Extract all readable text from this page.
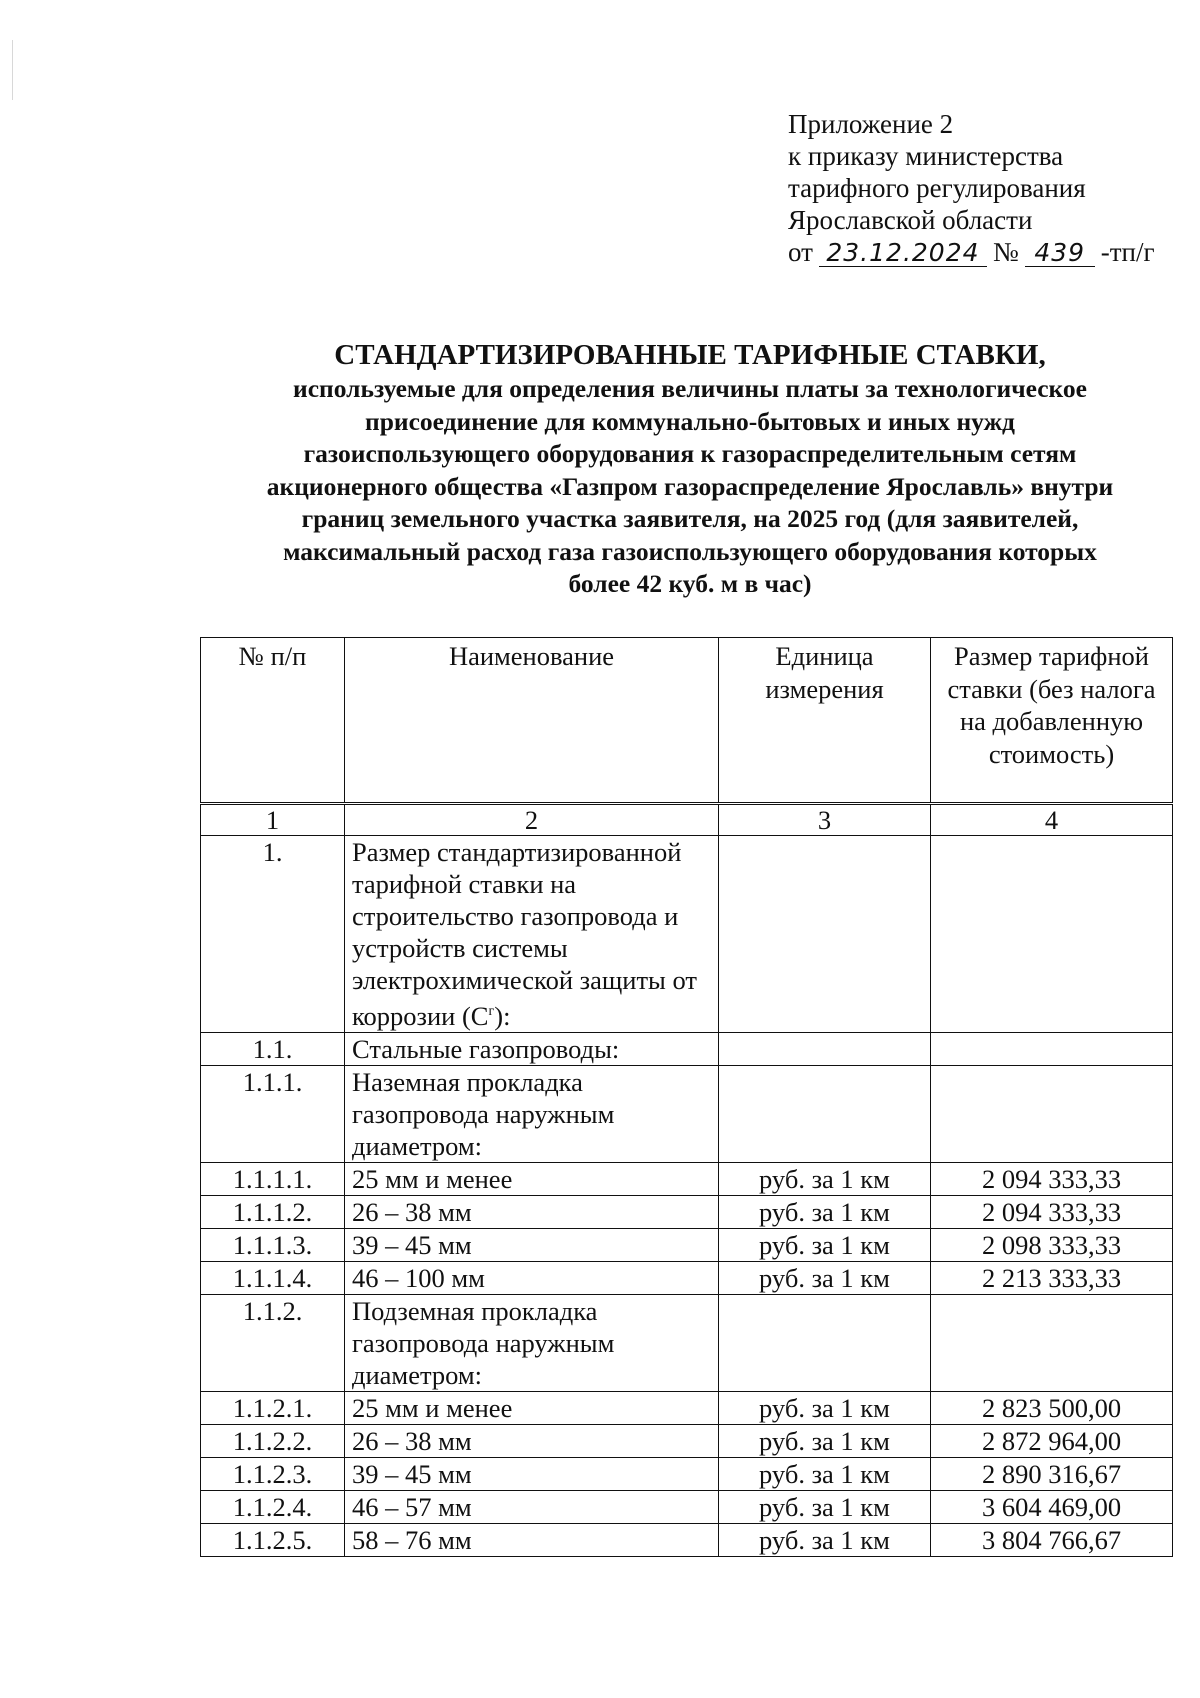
Приложение 2
к приказу министерства
тарифного регулирования
Ярославской области
от 23.12.2024 № 439 -тп/г
СТАНДАРТИЗИРОВАННЫЕ ТАРИФНЫЕ СТАВКИ,
используемые для определения величины платы за технологическое
присоединение для коммунально-бытовых и иных нужд
газоиспользующего оборудования к газораспределительным сетям
акционерного общества «Газпром газораспределение Ярославль» внутри
границ земельного участка заявителя, на 2025 год (для заявителей,
максимальный расход газа газоиспользующего оборудования которых
более 42 куб. м в час)
№ п/п	Наименование	Единица измерения	Размер тарифной ставки (без налога на добавленную стоимость)
1	2	3	4
1.	Размер стандартизированной тарифной ставки на строительство газопровода и устройств системы электрохимической защиты от коррозии $(С^г)$:		
1.1.	Стальные газопроводы:		
1.1.1.	Наземная прокладка газопровода наружным диаметром:		
1.1.1.1.	25 мм и менее	руб. за 1 км	2 094 333,33
1.1.1.2.	26 – 38 мм	руб. за 1 км	2 094 333,33
1.1.1.3.	39 – 45 мм	руб. за 1 км	2 098 333,33
1.1.1.4.	46 – 100 мм	руб. за 1 км	2 213 333,33
1.1.2.	Подземная прокладка газопровода наружным диаметром:		
1.1.2.1.	25 мм и менее	руб. за 1 км	2 823 500,00
1.1.2.2.	26 – 38 мм	руб. за 1 км	2 872 964,00
1.1.2.3.	39 – 45 мм	руб. за 1 км	2 890 316,67
1.1.2.4.	46 – 57 мм	руб. за 1 км	3 604 469,00
1.1.2.5.	58 – 76 мм	руб. за 1 км	3 804 766,67
